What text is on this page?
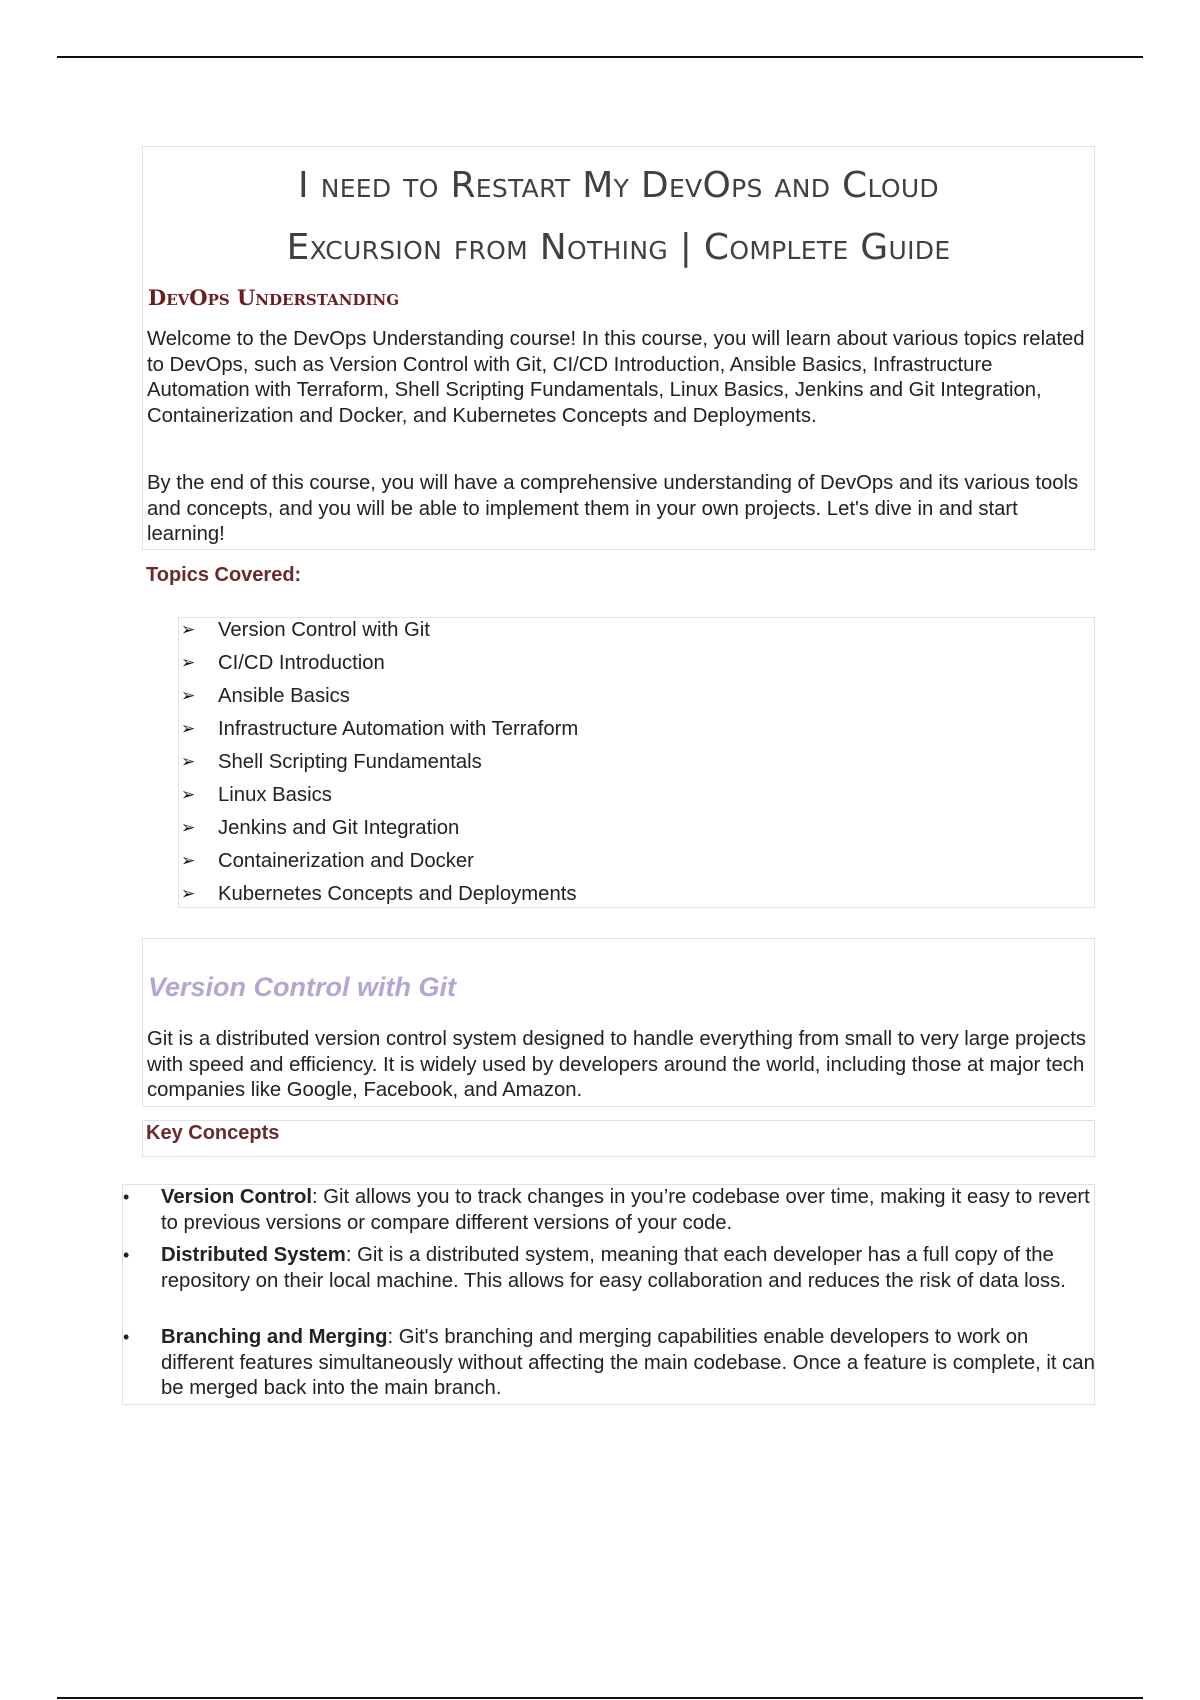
I need to Restart My DevOps and Cloud
Excursion from Nothing | Complete Guide
DevOps Understanding

Welcome to the DevOps Understanding course! In this course, you will learn about various topics related to DevOps, such as Version Control with Git, CI/CD Introduction, Ansible Basics, Infrastructure Automation with Terraform, Shell Scripting Fundamentals, Linux Basics, Jenkins and Git Integration, Containerization and Docker, and Kubernetes Concepts and Deployments.

By the end of this course, you will have a comprehensive understanding of DevOps and its various tools and concepts, and you will be able to implement them in your own projects. Let's dive in and start learning!

Topics Covered:
➢	Version Control with Git
➢	CI/CD Introduction
➢	Ansible Basics
➢	Infrastructure Automation with Terraform
➢	Shell Scripting Fundamentals
➢	Linux Basics
➢	Jenkins and Git Integration
➢	Containerization and Docker
➢	Kubernetes Concepts and Deployments
Version Control with Git

Git is a distributed version control system designed to handle everything from small to very large projects with speed and efficiency. It is widely used by developers around the world, including those at major tech companies like Google, Facebook, and Amazon.

Key Concepts
• Version Control: Git allows you to track changes in you’re codebase over time, making it easy to revert to previous versions or compare different versions of your code.
• Distributed System: Git is a distributed system, meaning that each developer has a full copy of the repository on their local machine. This allows for easy collaboration and reduces the risk of data loss.
• Branching and Merging: Git's branching and merging capabilities enable developers to work on different features simultaneously without affecting the main codebase. Once a feature is complete, it can be merged back into the main branch.
